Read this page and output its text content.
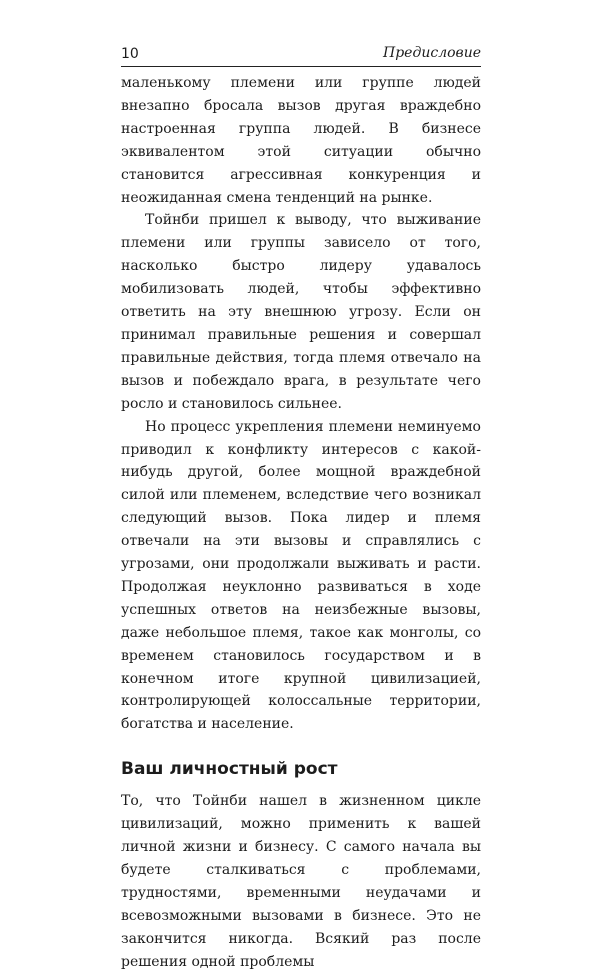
10	Предисловие

маленькому племени или группе людей внезапно бросала вызов другая враждебно настроенная группа людей. В бизнесе эквивалентом этой ситуации обычно становится агрессивная конкуренция и неожиданная смена тенденций на рынке.

Тойнби пришел к выводу, что выживание племени или группы зависело от того, насколько быстро лидеру удавалось мобилизовать людей, чтобы эффективно ответить на эту внешнюю угрозу. Если он принимал правильные решения и совершал правильные действия, тогда племя отвечало на вызов и побеждало врага, в результате чего росло и становилось сильнее.

Но процесс укрепления племени неминуемо приводил к конфликту интересов с какой-нибудь другой, более мощной враждебной силой или племенем, вследствие чего возникал следующий вызов. Пока лидер и племя отвечали на эти вызовы и справлялись с угрозами, они продолжали выживать и расти. Продолжая неуклонно развиваться в ходе успешных ответов на неизбежные вызовы, даже небольшое племя, такое как монголы, со временем становилось государством и в конечном итоге крупной цивилизацией, контролирующей колоссальные территории, богатства и население.

Ваш личностный рост

То, что Тойнби нашел в жизненном цикле цивилизаций, можно применить к вашей личной жизни и бизнесу. С самого начала вы будете сталкиваться с проблемами, трудностями, временными неудачами и всевозможными вызовами в бизнесе. Это не закончится никогда. Всякий раз после решения одной проблемы
